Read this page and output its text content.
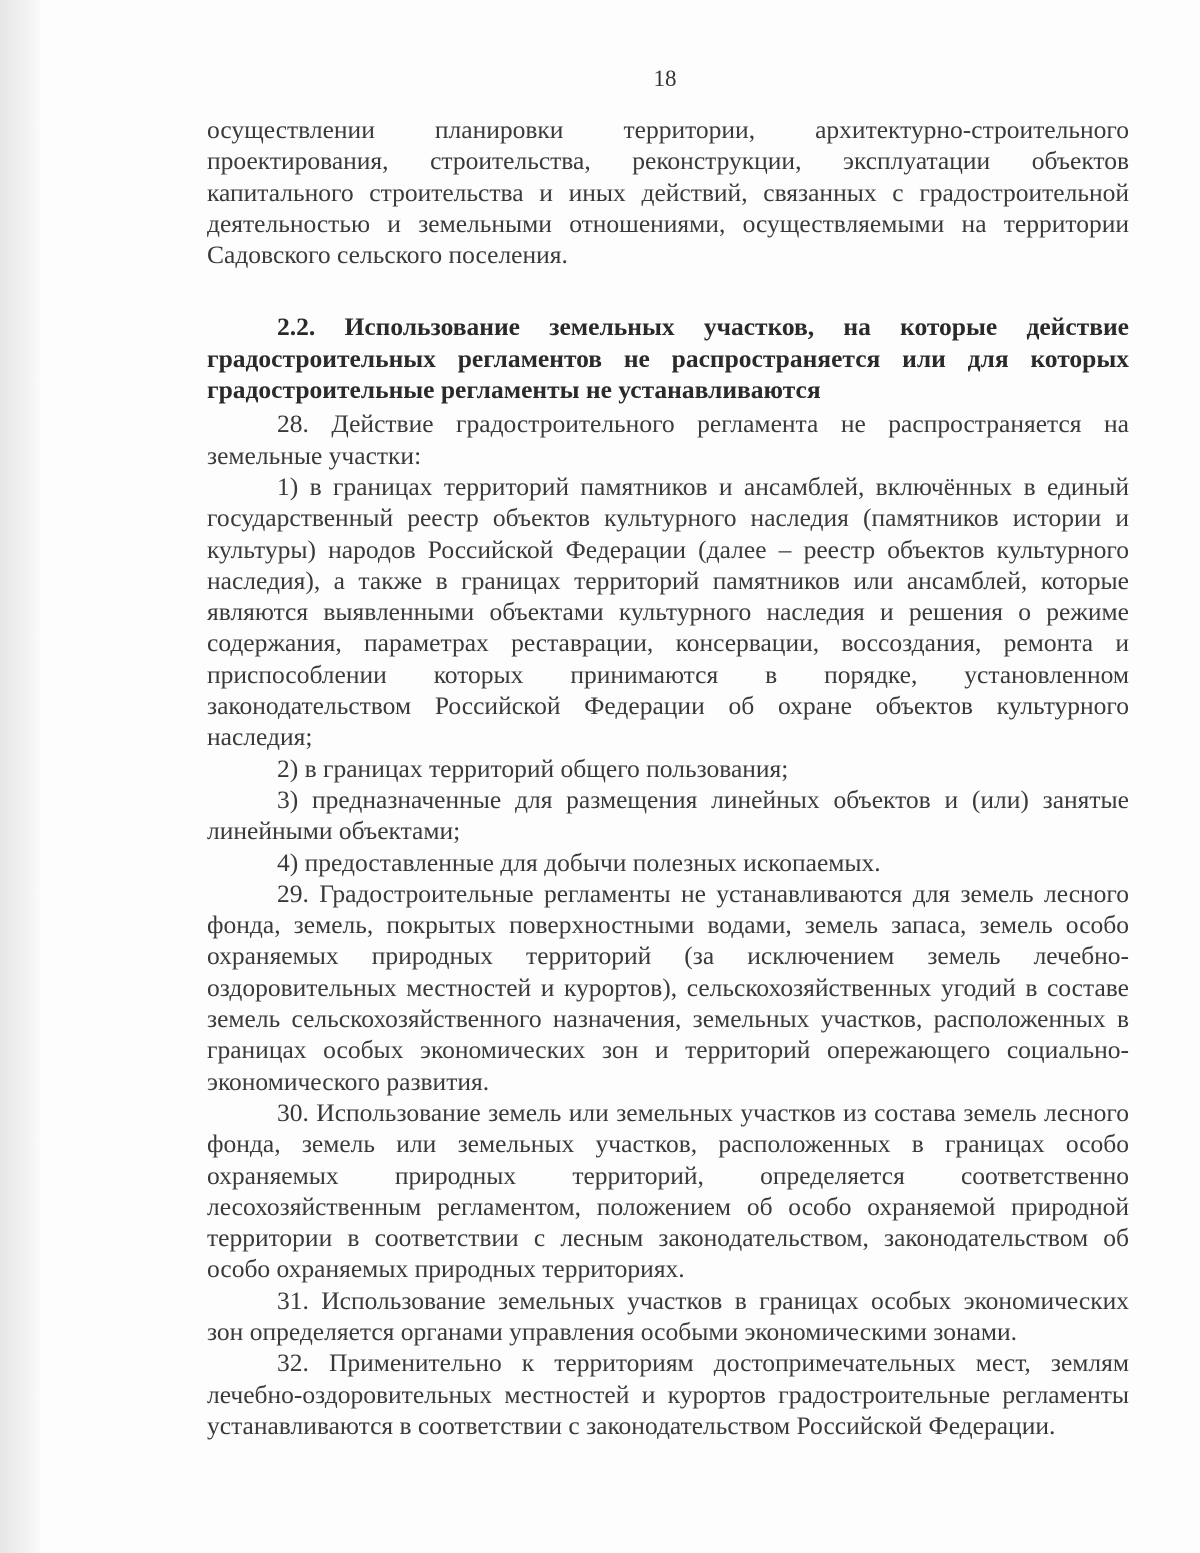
18

осуществлении планировки территории, архитектурно-строительного проектирования, строительства, реконструкции, эксплуатации объектов капитального строительства и иных действий, связанных с градостроительной деятельностью и земельными отношениями, осуществляемыми на территории Садовского сельского поселения.

2.2. Использование земельных участков, на которые действие градостроительных регламентов не распространяется или для которых градостроительные регламенты не устанавливаются

28. Действие градостроительного регламента не распространяется на земельные участки:

1) в границах территорий памятников и ансамблей, включённых в единый государственный реестр объектов культурного наследия (памятников истории и культуры) народов Российской Федерации (далее – реестр объектов культурного наследия), а также в границах территорий памятников или ансамблей, которые являются выявленными объектами культурного наследия и решения о режиме содержания, параметрах реставрации, консервации, воссоздания, ремонта и приспособлении которых принимаются в порядке, установленном законодательством Российской Федерации об охране объектов культурного наследия;

2) в границах территорий общего пользования;

3) предназначенные для размещения линейных объектов и (или) занятые линейными объектами;

4) предоставленные для добычи полезных ископаемых.

29. Градостроительные регламенты не устанавливаются для земель лесного фонда, земель, покрытых поверхностными водами, земель запаса, земель особо охраняемых природных территорий (за исключением земель лечебно-оздоровительных местностей и курортов), сельскохозяйственных угодий в составе земель сельскохозяйственного назначения, земельных участков, расположенных в границах особых экономических зон и территорий опережающего социально-экономического развития.

30. Использование земель или земельных участков из состава земель лесного фонда, земель или земельных участков, расположенных в границах особо охраняемых природных территорий, определяется соответственно лесохозяйственным регламентом, положением об особо охраняемой природной территории в соответствии с лесным законодательством, законодательством об особо охраняемых природных территориях.

31. Использование земельных участков в границах особых экономических зон определяется органами управления особыми экономическими зонами.

32. Применительно к территориям достопримечательных мест, землям лечебно-оздоровительных местностей и курортов градостроительные регламенты устанавливаются в соответствии с законодательством Российской Федерации.
